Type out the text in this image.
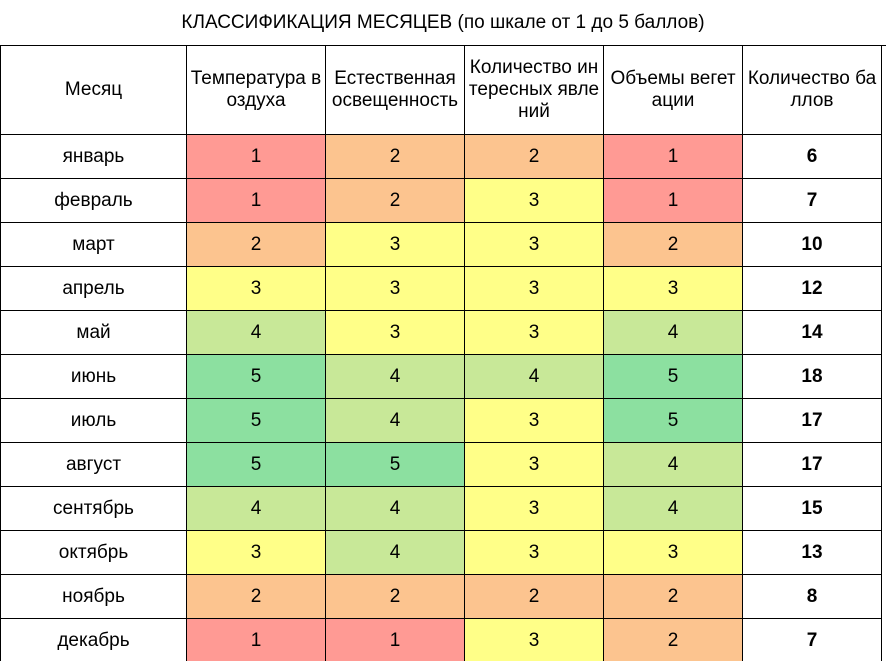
КЛАССИФИКАЦИЯ МЕСЯЦЕВ (по шкале от 1 до 5 баллов)
Месяц	Температура воздуха	Естественная освещенность	Количество интересных явлений	Объемы вегетации	Количество баллов
январь	1	2	2	1	6
февраль	1	2	3	1	7
март	2	3	3	2	10
апрель	3	3	3	3	12
май	4	3	3	4	14
июнь	5	4	4	5	18
июль	5	4	3	5	17
август	5	5	3	4	17
сентябрь	4	4	3	4	15
октябрь	3	4	3	3	13
ноябрь	2	2	2	2	8
декабрь	1	1	3	2	7
